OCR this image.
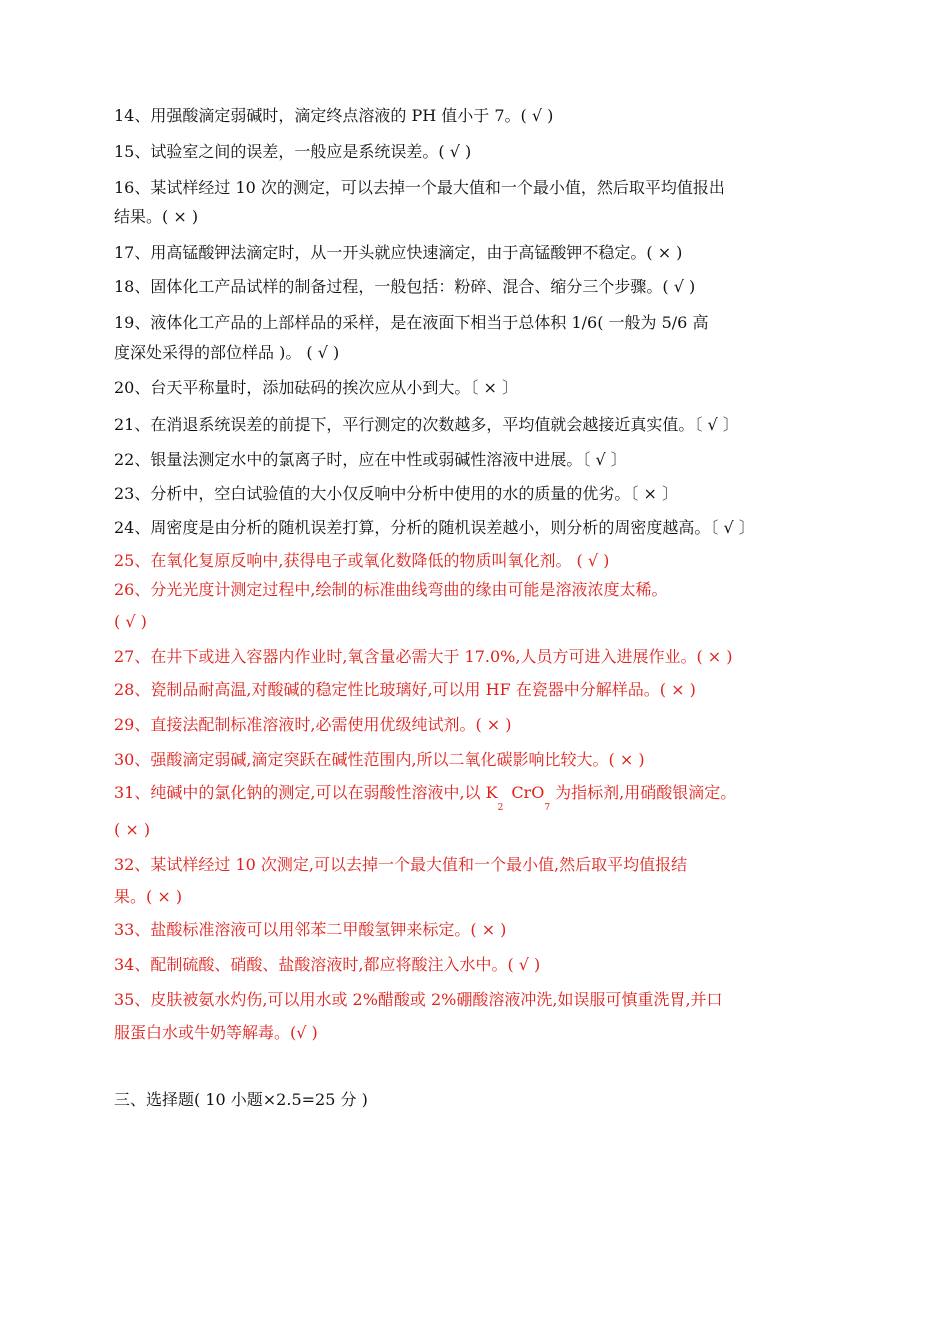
14、用强酸滴定弱碱时，滴定终点溶液的 PH 值小于 7。( √ )
15、试验室之间的误差，一般应是系统误差。( √ )
16、某试样经过 10 次的测定，可以去掉一个最大值和一个最小值，然后取平均值报出
结果。( × )
17、用高锰酸钾法滴定时，从一开头就应快速滴定，由于高锰酸钾不稳定。( × )
18、固体化工产品试样的制备过程，一般包括：粉碎、混合、缩分三个步骤。( √ )
19、液体化工产品的上部样品的采样，是在液面下相当于总体积 1/6( 一般为 5/6 高
度深处采得的部位样品 )。 ( √ )
20、台天平称量时，添加砝码的挨次应从小到大。〔 × 〕
21、在消退系统误差的前提下，平行测定的次数越多，平均值就会越接近真实值。〔 √ 〕
22、银量法测定水中的氯离子时，应在中性或弱碱性溶液中进展。〔 √ 〕
23、分析中，空白试验值的大小仅反响中分析中使用的水的质量的优劣。〔 × 〕
24、周密度是由分析的随机误差打算，分析的随机误差越小，则分析的周密度越高。〔 √ 〕
25、在氧化复原反响中,获得电子或氧化数降低的物质叫氧化剂。 ( √ )
26、分光光度计测定过程中,绘制的标准曲线弯曲的缘由可能是溶液浓度太稀。
( √ )
27、在井下或进入容器内作业时,氧含量必需大于 17.0%,人员方可进入进展作业。( × )
28、瓷制品耐高温,对酸碱的稳定性比玻璃好,可以用 HF 在瓷器中分解样品。( × )
29、直接法配制标准溶液时,必需使用优级纯试剂。( × )
30、强酸滴定弱碱,滴定突跃在碱性范围内,所以二氧化碳影响比较大。( × )
31、纯碱中的氯化钠的测定,可以在弱酸性溶液中,以 $K_2CrO_7$ 为指标剂,用硝酸银滴定。
( × )
32、某试样经过 10 次测定,可以去掉一个最大值和一个最小值,然后取平均值报结
果。( × )
33、盐酸标准溶液可以用邻苯二甲酸氢钾来标定。( × )
34、配制硫酸、硝酸、盐酸溶液时,都应将酸注入水中。( √ )
35、皮肤被氨水灼伤,可以用水或 2%醋酸或 2%硼酸溶液冲洗,如误服可慎重洗胃,并口
服蛋白水或牛奶等解毒。(√ )
三、选择题( 10 小题×2.5=25 分 )
